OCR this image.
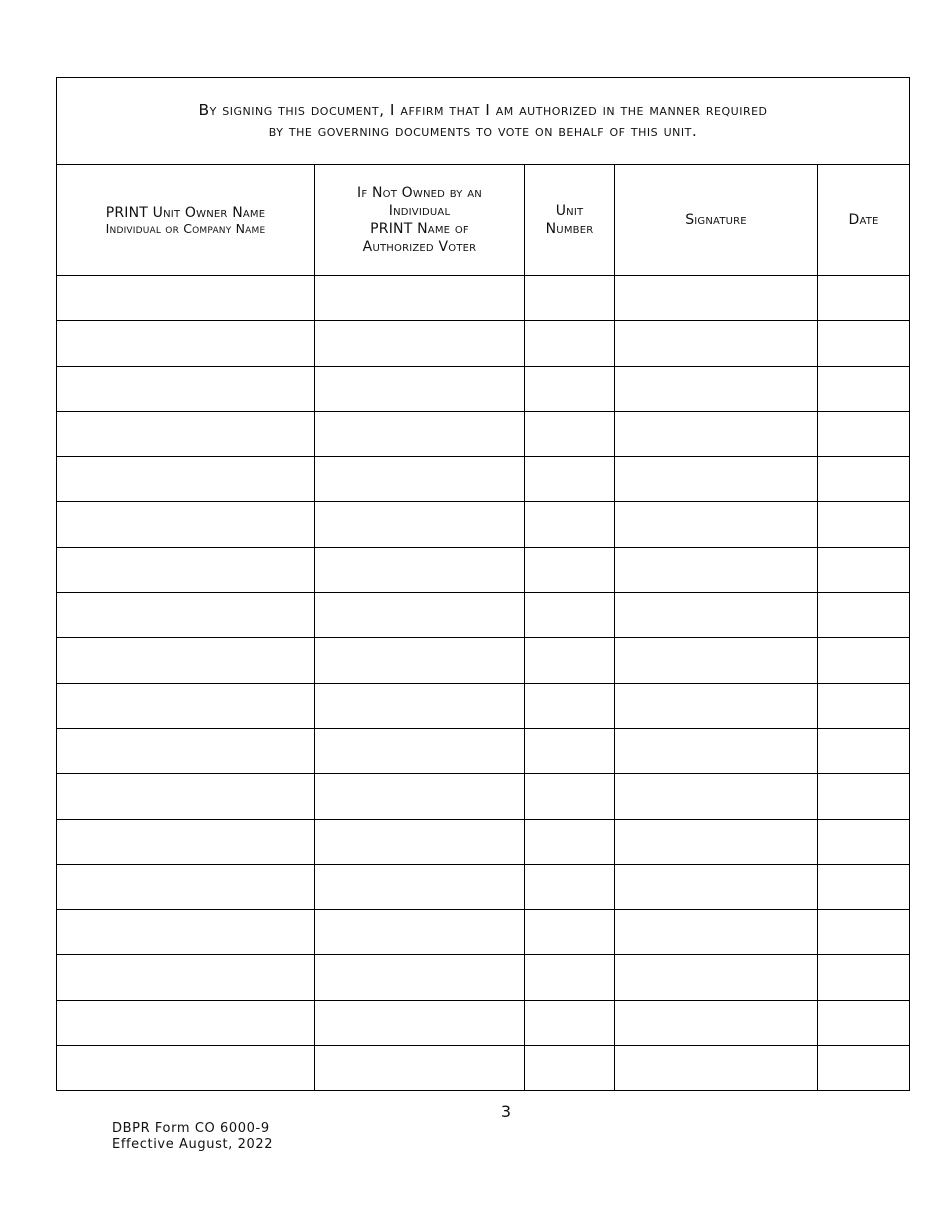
By signing this document, I affirm that I am authorized in the manner required
by the governing documents to vote on behalf of this unit.				

PRINT Unit Owner Name
Individual or Company Name	If Not Owned by an
Individual
PRINT Name of
Authorized Voter	Unit
Number	Signature	Date

3
DBPR Form CO 6000-9
Effective August, 2022
